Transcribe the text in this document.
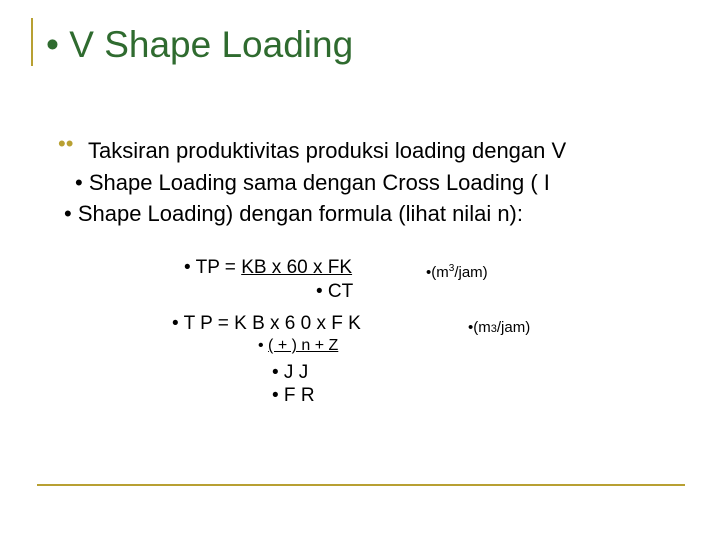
• V Shape Loading
•• Taksiran produktivitas produksi loading dengan V
• Shape Loading sama dengan Cross Loading ( I
• Shape Loading) dengan formula (lihat nilai n):
• TP = KB x 60 x FK	$•(m^3/jam)$
• CT
• T P = K B x 6 0 x F K	•(m3/jam)
• ( + ) n + Z
• J J
• F R
